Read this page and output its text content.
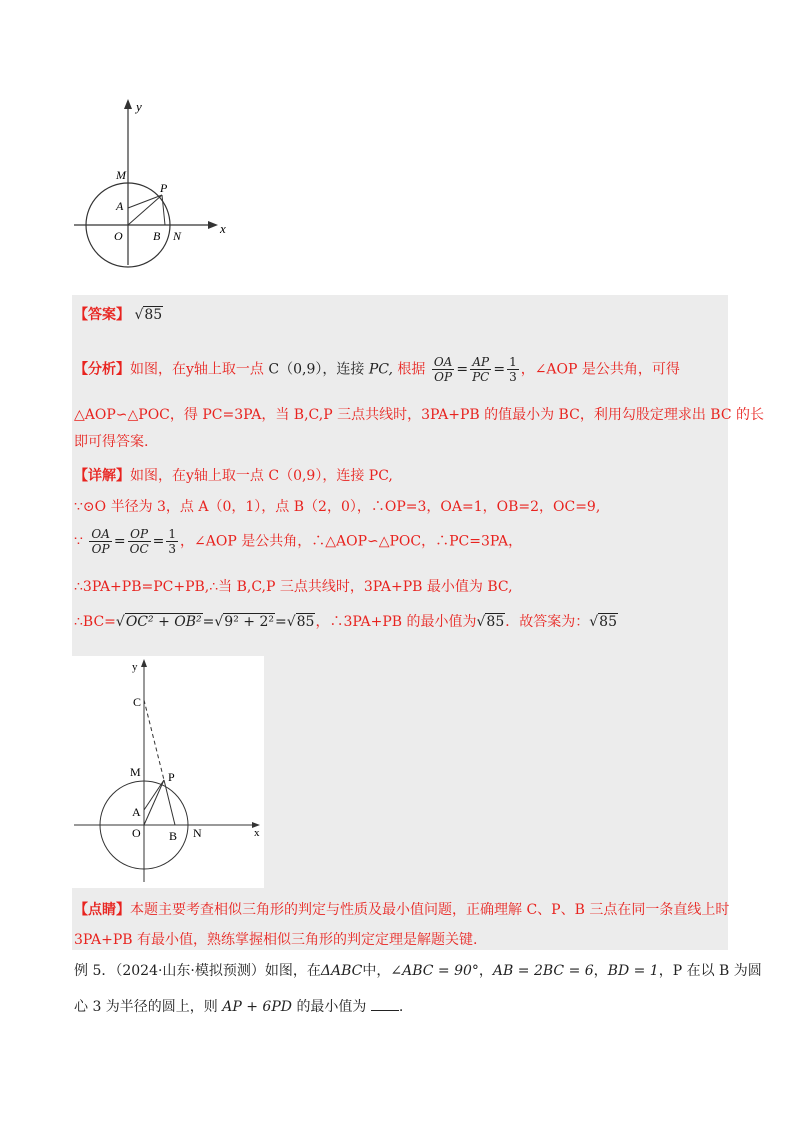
y
x
M
P
A
O	B N
【答案】 √85
【分析】如图，在y轴上取一点 C（0,9），连接 PC, 根据 $\frac{OA}{OP} = \frac{AP}{PC} = \frac{1}{3}$ ，∠AOP 是公共角，可得
△AOP∽△POC，得 PC=3PA，当 B,C,P 三点共线时，3PA+PB 的值最小为 BC，利用勾股定理求出 BC 的长
即可得答案.
【详解】如图，在y轴上取一点 C（0,9），连接 PC,
∵⊙O 半径为 3，点 A（0，1），点 B（2，0），∴OP=3，OA=1，OB=2，OC=9,
∵ $\frac{OA}{OP} = \frac{OP}{OC} = \frac{1}{3}$ ，∠AOP 是公共角，∴△AOP∽△POC，∴PC=3PA，
∴3PA+PB=PC+PB,∴当 B,C,P 三点共线时，3PA+PB 最小值为 BC,
∴BC=√OC² + OB²=√9² + 2²=√85，∴3PA+PB 的最小值为√85．故答案为：√85
y
x
C
M P
A
O B N
【点睛】本题主要考查相似三角形的判定与性质及最小值问题，正确理解 C、P、B 三点在同一条直线上时
3PA+PB 有最小值，熟练掌握相似三角形的判定定理是解题关键.
例 5．（2024·山东·模拟预测）如图，在ΔABC中，∠ABC = 90°，AB = 2BC = 6，BD = 1，P 在以 B 为圆
心 3 为半径的圆上，则 AP + 6PD 的最小值为 .
